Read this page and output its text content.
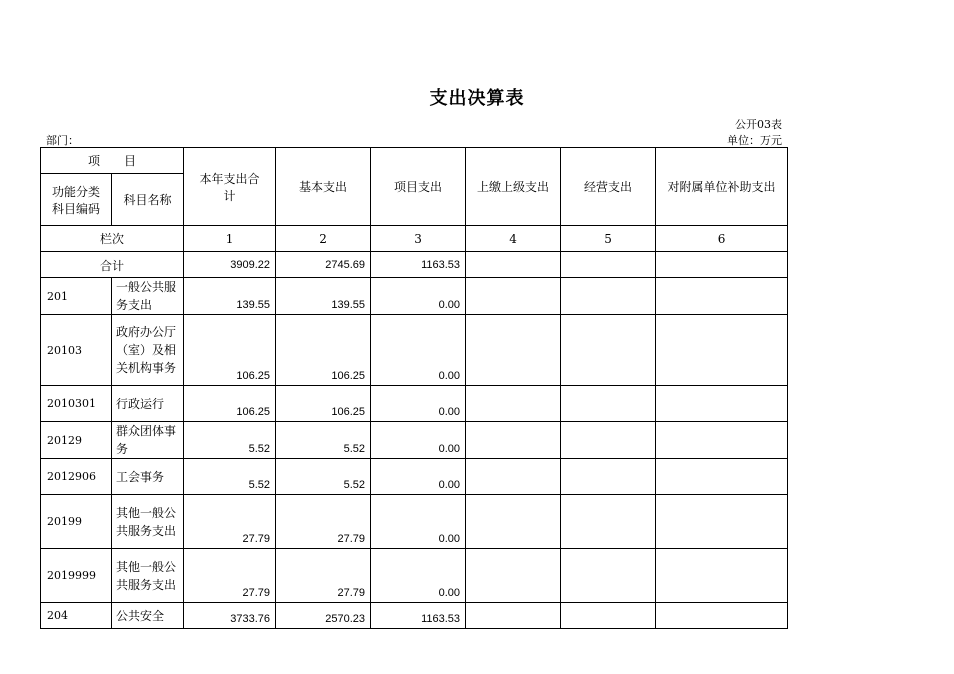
支出决算表
公开03表
部门：	单位：万元
项　　目		本年支出合计	基本支出	项目支出	上缴上级支出	经营支出	对附属单位补助支出
功能分类科目编码	科目名称						
栏次		1	2	3	4	5	6
合计		3909.22	2745.69	1163.53			
201	一般公共服务支出	139.55	139.55	0.00			
20103	政府办公厅（室）及相关机构事务	106.25	106.25	0.00			
2010301	行政运行	106.25	106.25	0.00			
20129	群众团体事务	5.52	5.52	0.00			
2012906	工会事务	5.52	5.52	0.00			
20199	其他一般公共服务支出	27.79	27.79	0.00			
2019999	其他一般公共服务支出	27.79	27.79	0.00			
204	公共安全	3733.76	2570.23	1163.53			
